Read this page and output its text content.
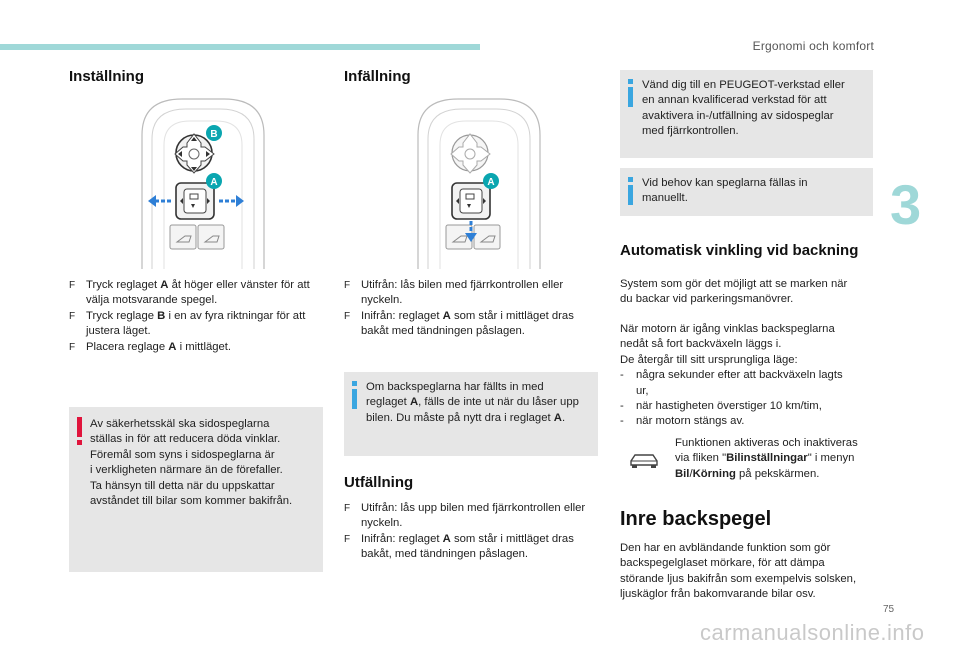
Ergonomi och komfort
3
Inställning
B
A
F Tryck reglaget A åt höger eller vänster för att välja motsvarande spegel.
F Tryck reglage B i en av fyra riktningar för att justera läget.
F Placera reglage A i mittläget.
Av säkerhetsskäl ska sidospeglarna
ställas in för att reducera döda vinklar.
Föremål som syns i sidospeglarna är
i verkligheten närmare än de förefaller.
Ta hänsyn till detta när du uppskattar
avståndet till bilar som kommer bakifrån.
Infällning
A
F Utifrån: lås bilen med fjärrkontrollen eller nyckeln.
F Inifrån: reglaget A som står i mittläget dras bakåt med tändningen påslagen.
Om backspeglarna har fällts in med
reglaget A, fälls de inte ut när du låser upp
bilen. Du måste på nytt dra i reglaget A.
Utfällning
F Utifrån: lås upp bilen med fjärrkontrollen eller nyckeln.
F Inifrån: reglaget A som står i mittläget dras bakåt, med tändningen påslagen.
Vänd dig till en PEUGEOT-verkstad eller
en annan kvalificerad verkstad för att
avaktivera in-/utfällning av sidospeglar
med fjärrkontrollen.
Vid behov kan speglarna fällas in
manuellt.
Automatisk vinkling vid backning
System som gör det möjligt att se marken när
du backar vid parkeringsmanövrer.
När motorn är igång vinklas backspeglarna
nedåt så fort backväxeln läggs i.
De återgår till sitt ursprungliga läge:
- några sekunder efter att backväxeln lagts
ur,
- när hastigheten överstiger 10 km/tim,
- när motorn stängs av.
Funktionen aktiveras och inaktiveras
via fliken "Bilinställningar" i menyn
Bil/Körning på pekskärmen.
Inre backspegel
Den har en avbländande funktion som gör
backspegelglaset mörkare, för att dämpa
störande ljus bakifrån som exempelvis solsken,
ljuskäglor från bakomvarande bilar osv.
75
carmanualsonline.info
